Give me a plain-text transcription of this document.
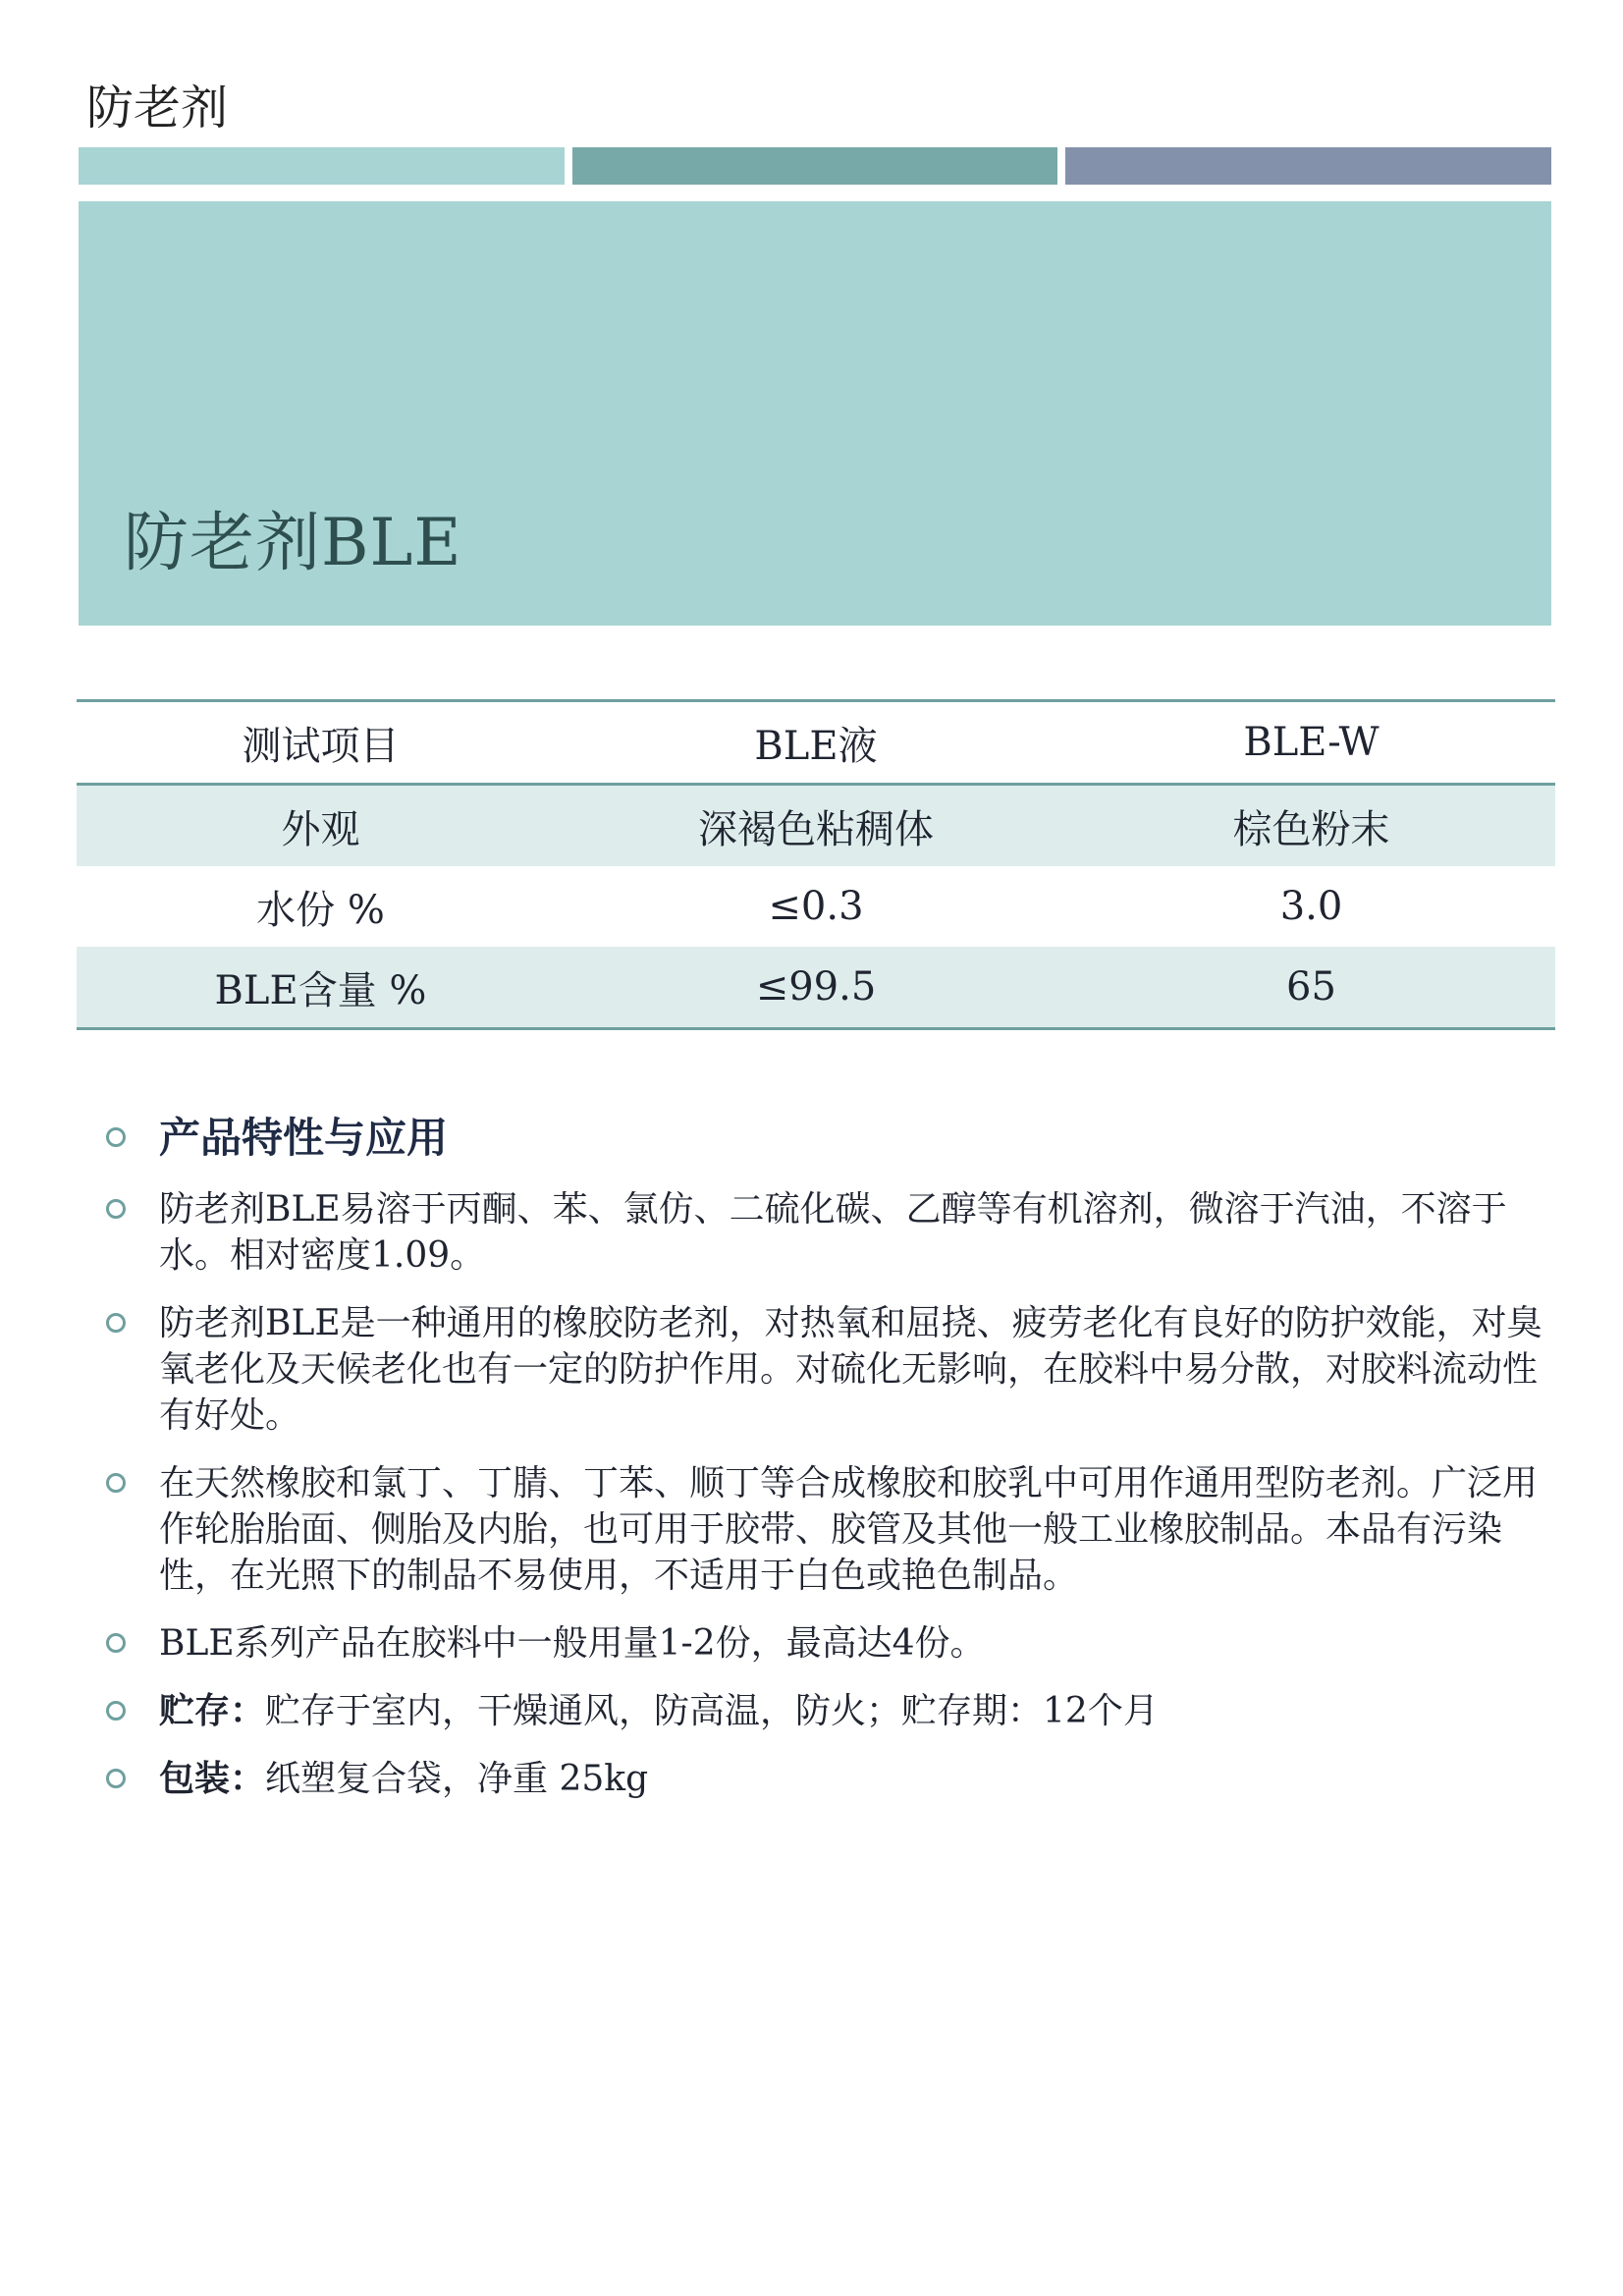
防老剂
防老剂BLE
测试项目	BLE液	BLE-W
外观	深褐色粘稠体	棕色粉末
水份 %	≤0.3	3.0
BLE含量 %	≤99.5	65
产品特性与应用
防老剂BLE易溶于丙酮、苯、氯仿、二硫化碳、乙醇等有机溶剂，微溶于汽油，不溶于水。相对密度1.09。
防老剂BLE是一种通用的橡胶防老剂，对热氧和屈挠、疲劳老化有良好的防护效能，对臭氧老化及天候老化也有一定的防护作用。对硫化无影响，在胶料中易分散，对胶料流动性有好处。
在天然橡胶和氯丁、丁腈、丁苯、顺丁等合成橡胶和胶乳中可用作通用型防老剂。广泛用作轮胎胎面、侧胎及内胎，也可用于胶带、胶管及其他一般工业橡胶制品。本品有污染性，在光照下的制品不易使用，不适用于白色或艳色制品。
BLE系列产品在胶料中一般用量1-2份，最高达4份。
贮存：贮存于室内，干燥通风，防高温，防火；贮存期：12个月
包装：纸塑复合袋，净重 25kg
